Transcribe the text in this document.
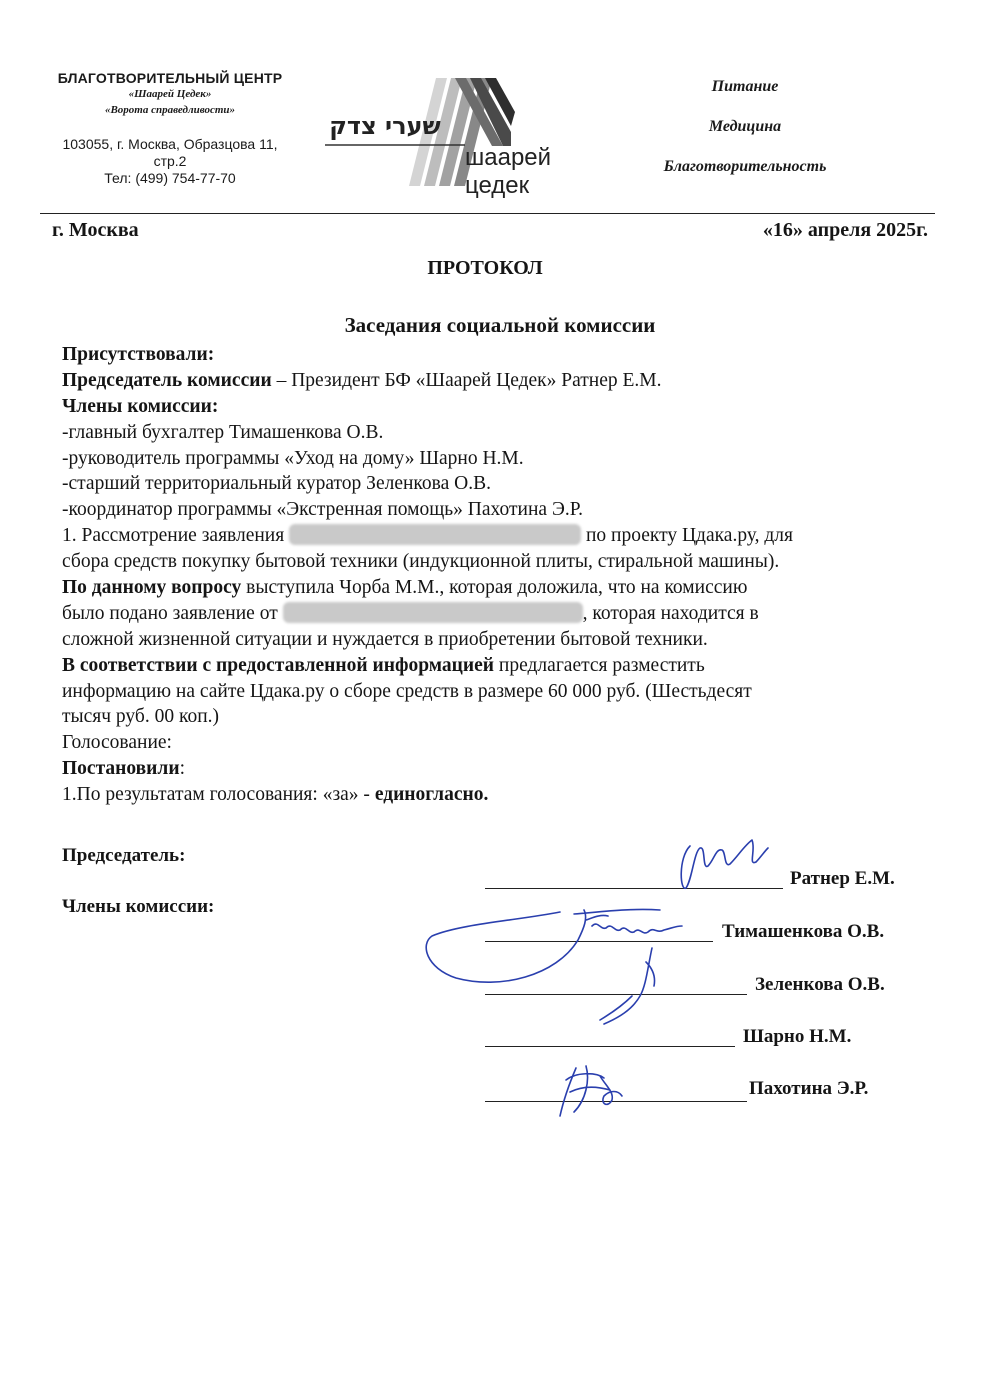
БЛАГОТВОРИТЕЛЬНЫЙ ЦЕНТР
«Шаарей Цедек»
«Ворота справедливости»
103055, г. Москва, Образцова 11,
стр.2
Тел: (499) 754-77-70
שערי צדק
шаарей цедек
Питание
Медицина
Благотворительность
г. Москва	«16» апреля 2025г.
ПРОТОКОЛ
Заседания социальной комиссии
Присутствовали:
Председатель комиссии – Президент БФ «Шаарей Цедек» Ратнер Е.М.
Члены комиссии:
-главный бухгалтер Тимашенкова О.В.
-руководитель программы «Уход на дому» Шарно Н.М.
-старший территориальный куратор Зеленкова О.В.
-координатор программы «Экстренная помощь» Пахотина Э.Р.
1. Рассмотрение заявления	по проекту Цдака.ру, для
сбора средств покупку бытовой техники (индукционной плиты, стиральной машины).
По данному вопросу выступила Чорба М.М., которая доложила, что на комиссию
было подано заявление от	, которая находится в
сложной жизненной ситуации и нуждается в приобретении бытовой техники.
В соответствии с предоставленной информацией предлагается разместить
информацию на сайте Цдака.ру о сборе средств в размере 60 000 руб. (Шестьдесят
тысяч руб. 00 коп.)
Голосование:
Постановили:
1.По результатам голосования: «за» - единогласно.
Председатель:
Члены комиссии:
Ратнер Е.М.
Тимашенкова О.В.
Зеленкова О.В.
Шарно Н.М.
Пахотина Э.Р.
